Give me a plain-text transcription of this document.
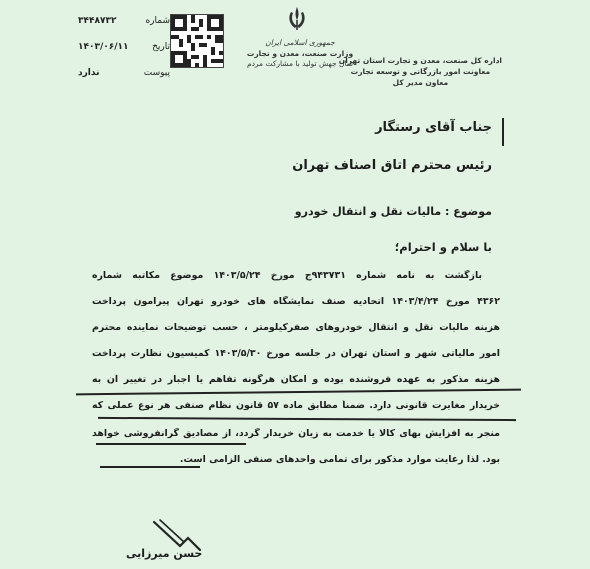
اداره کل صنعت، معدن و تجارت استان تهران
معاونت امور بازرگانی و توسعه تجارت
معاون مدیر کل
جمهوری اسلامی ایران
وزارت صنعت، معدن و تجارت
سال جهش تولید با مشارکت مردم
شماره
۳۴۴۸۷۳۲
تاریخ
۱۴۰۳/۰۶/۱۱
پیوست
ندارد
جناب آقای رستگار
رئیس محترم اتاق اصناف تهران
موضوع : مالیات نقل و انتقال خودرو
با سلام و احترام؛
بازگشت به نامه شماره ۹۴۳۷۳۱ج مورخ ۱۴۰۳/۵/۲۴ موضوع مکاتبه شماره
۴۳۶۲ مورخ ۱۴۰۳/۴/۲۴ اتحادیه صنف نمایشگاه های خودرو تهران پیرامون پرداخت
هزینه مالیات نقل و انتقال خودروهای صفرکیلومتر ، حسب توضیحات نماینده محترم
امور مالیاتی شهر و استان تهران در جلسه مورخ ۱۴۰۳/۵/۳۰ کمیسیون نظارت پرداخت
هزینه مذکور به عهده فروشنده بوده و امکان هرگونه تفاهم یا اجبار در تغییر آن به
خریدار مغایرت قانونی دارد. ضمناً مطابق ماده ۵۷ قانون نظام صنفی هر نوع عملی که
منجر به افزایش بهای کالا یا خدمت به زیان خریدار گردد، از مصادیق گرانفروشی خواهد
بود. لذا رعایت موارد مذکور برای تمامی واحدهای صنفی الزامی است.
حسن میرزایی
